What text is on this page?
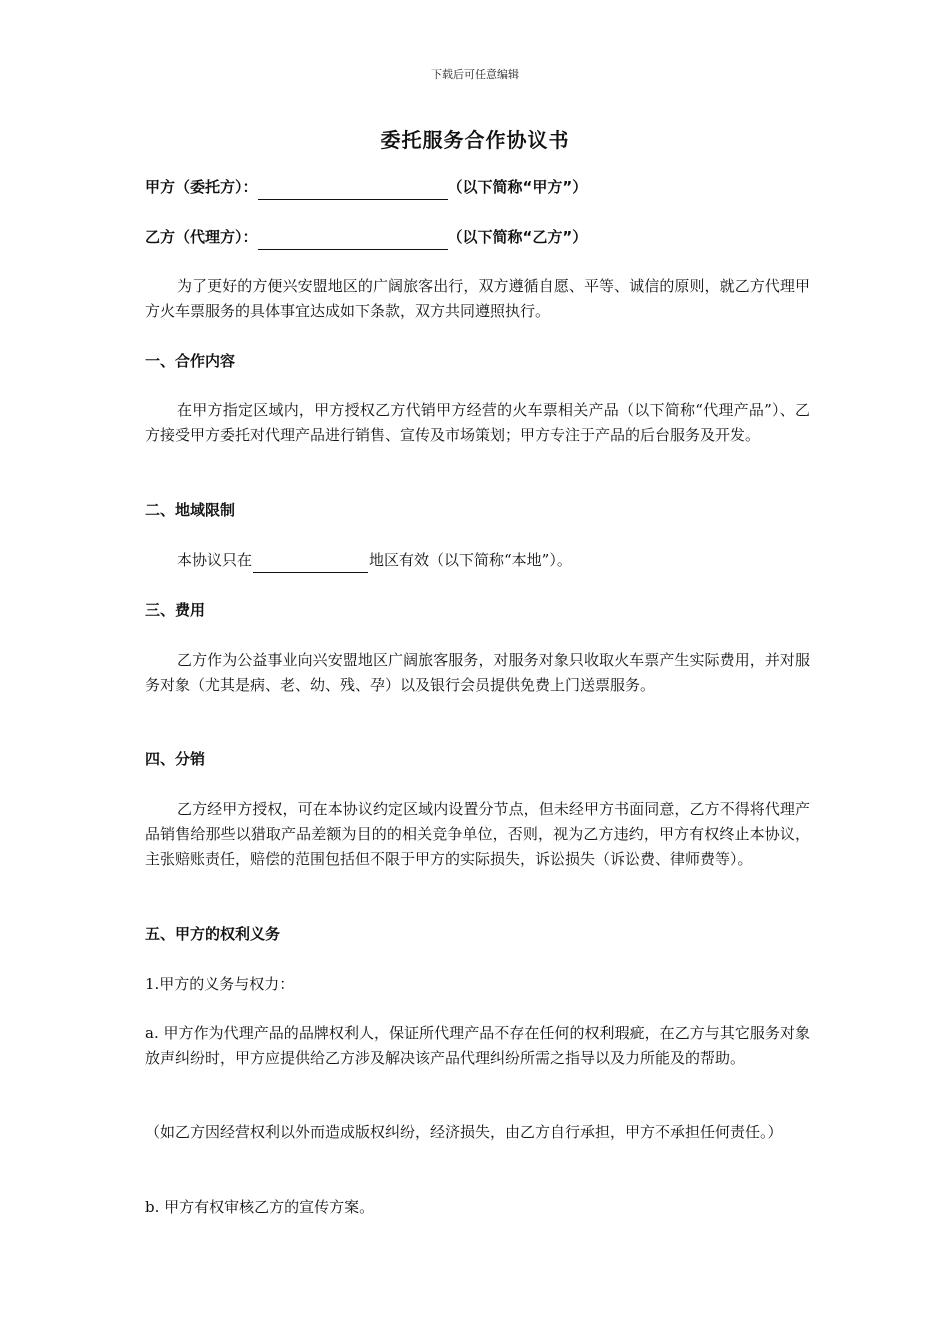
下载后可任意编辑
委托服务合作协议书
甲方（委托方）：	（以下简称“甲方”）
乙方（代理方）：	（以下简称“乙方”）
为了更好的方便兴安盟地区的广阔旅客出行，双方遵循自愿、平等、诚信的原则，就乙方代理甲方火车票服务的具体事宜达成如下条款，双方共同遵照执行。
一、合作内容
在甲方指定区域内，甲方授权乙方代销甲方经营的火车票相关产品（以下简称“代理产品”）、乙方接受甲方委托对代理产品进行销售、宣传及市场策划；甲方专注于产品的后台服务及开发。
二、地域限制
本协议只在	地区有效（以下简称“本地”）。
三、费用
乙方作为公益事业向兴安盟地区广阔旅客服务，对服务对象只收取火车票产生实际费用，并对服务对象（尤其是病、老、幼、残、孕）以及银行会员提供免费上门送票服务。
四、分销
乙方经甲方授权，可在本协议约定区域内设置分节点，但未经甲方书面同意，乙方不得将代理产品销售给那些以猎取产品差额为目的的相关竞争单位，否则，视为乙方违约，甲方有权终止本协议，主张赔账责任，赔偿的范围包括但不限于甲方的实际损失，诉讼损失（诉讼费、律师费等）。
五、甲方的权利义务
1.甲方的义务与权力：
a. 甲方作为代理产品的品牌权利人，保证所代理产品不存在任何的权利瑕疵，在乙方与其它服务对象放声纠纷时，甲方应提供给乙方涉及解决该产品代理纠纷所需之指导以及力所能及的帮助。
（如乙方因经营权利以外而造成版权纠纷，经济损失，由乙方自行承担，甲方不承担任何责任。）
b. 甲方有权审核乙方的宣传方案。
